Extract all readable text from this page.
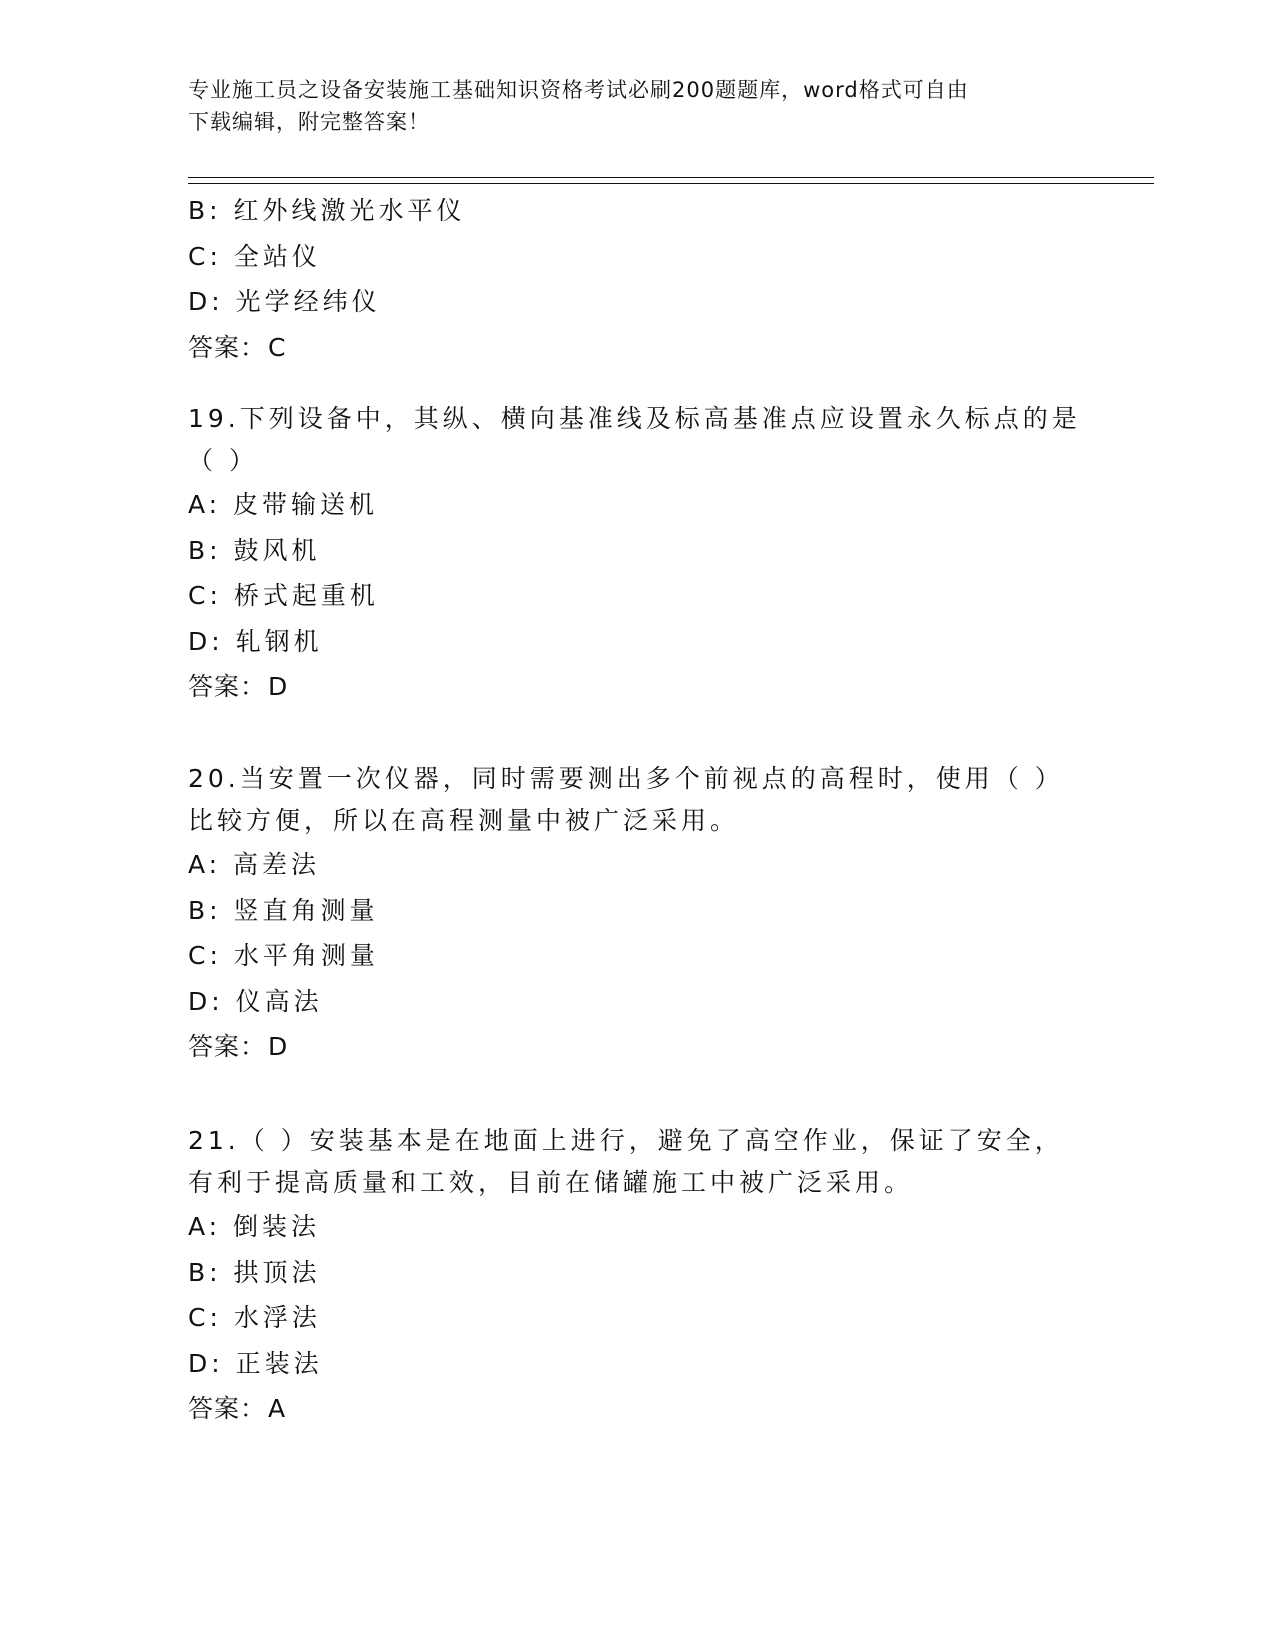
专业施工员之设备安装施工基础知识资格考试必刷200题题库，word格式可自由
下载编辑，附完整答案！
B: 红外线激光水平仪
C: 全站仪
D: 光学经纬仪
答案：C
19.下列设备中，其纵、横向基准线及标高基准点应设置永久标点的是
（ ）
A: 皮带输送机
B: 鼓风机
C: 桥式起重机
D: 轧钢机
答案：D
20.当安置一次仪器，同时需要测出多个前视点的高程时，使用（ ）
比较方便，所以在高程测量中被广泛采用。
A: 高差法
B: 竖直角测量
C: 水平角测量
D: 仪高法
答案：D
21.（ ）安装基本是在地面上进行，避免了高空作业，保证了安全，
有利于提高质量和工效，目前在储罐施工中被广泛采用。
A: 倒装法
B: 拱顶法
C: 水浮法
D: 正装法
答案：A
